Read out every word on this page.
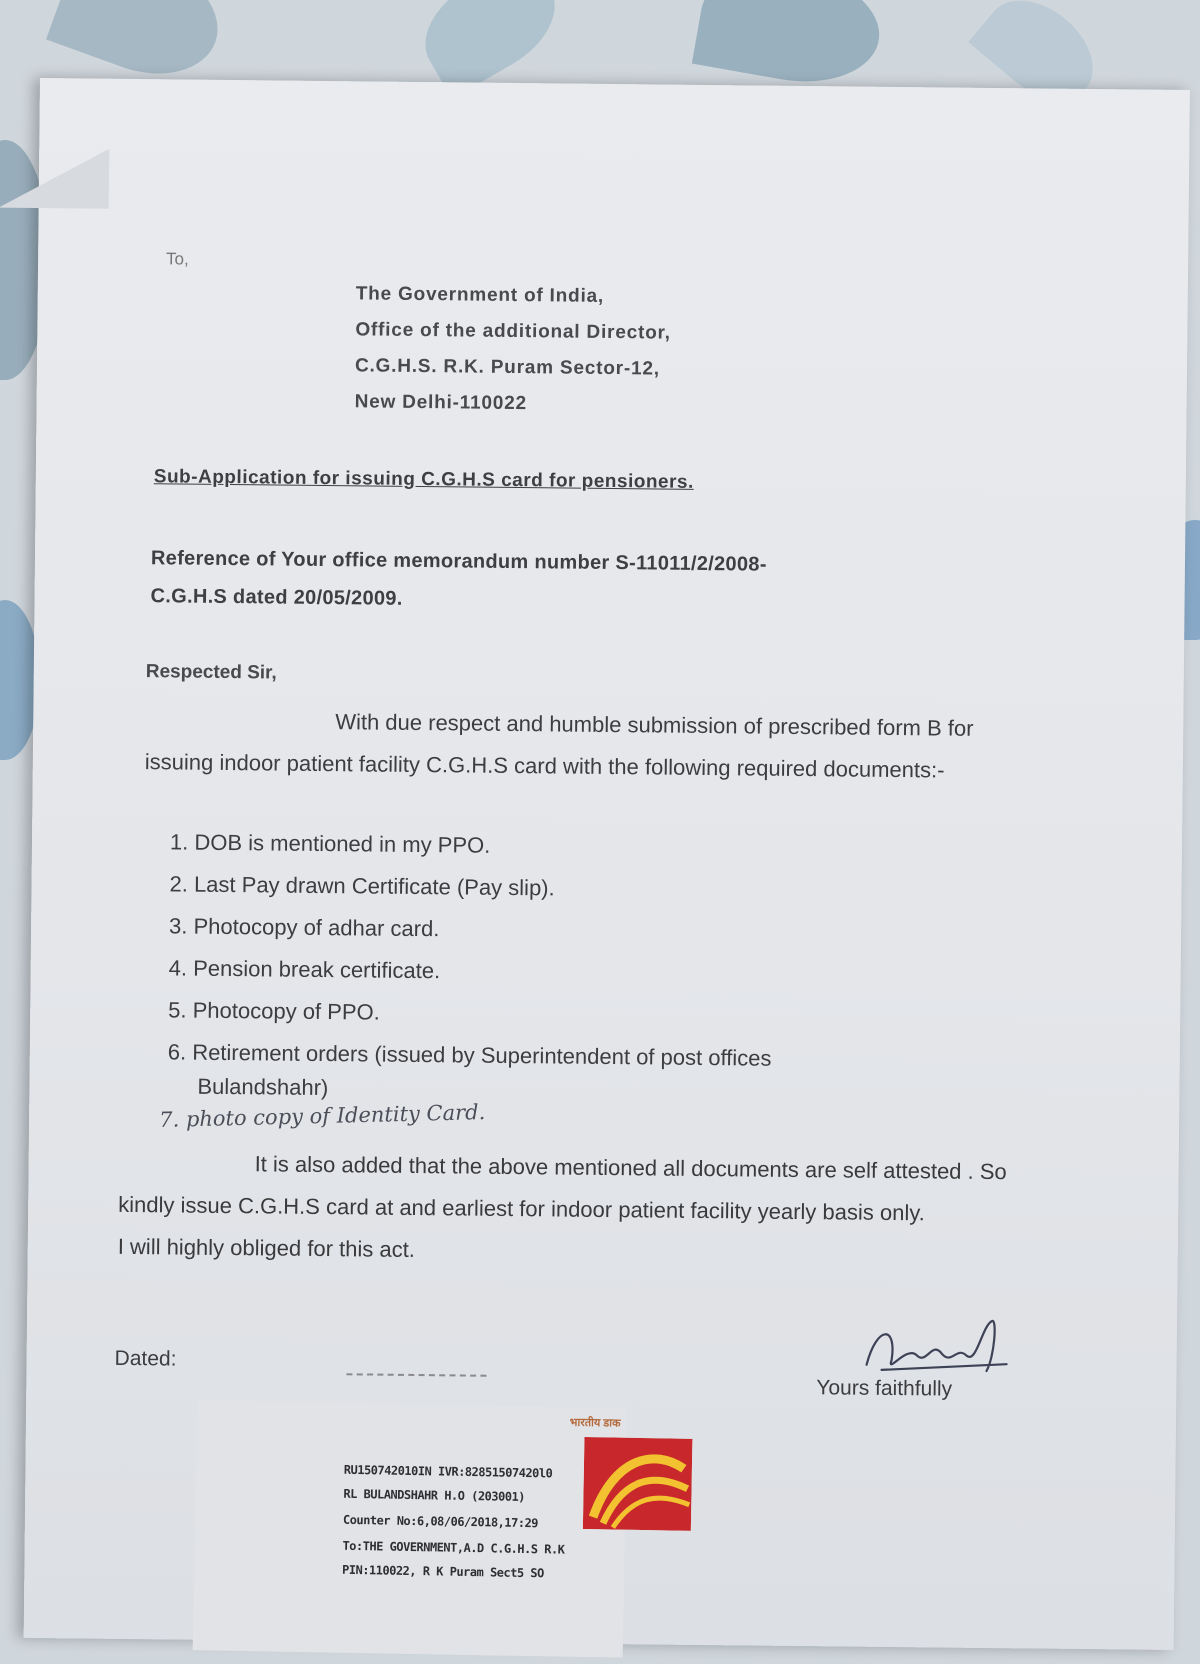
To,
The Government of India,
Office of the additional Director,
C.G.H.S. R.K. Puram Sector-12,
New Delhi-110022
Sub-Application for issuing C.G.H.S card for pensioners.
Reference of Your office memorandum number S-11011/2/2008-
C.G.H.S dated 20/05/2009.
Respected Sir,
With due respect and humble submission of prescribed form B for issuing indoor patient facility C.G.H.S card with the following required documents:-
1. DOB is mentioned in my PPO.
2. Last Pay drawn Certificate (Pay slip).
3. Photocopy of adhar card.
4. Pension break certificate.
5. Photocopy of PPO.
6. Retirement orders (issued by Superintendent of post offices
Bulandshahr)
7. photo copy of Identity Card.
It is also added that the above mentioned all documents are self attested . So kindly issue C.G.H.S card at and earliest for indoor patient facility yearly basis only.
I will highly obliged for this act.
Dated:
Yours faithfully
भारतीय डाक
RU150742010IN IVR:82851507420l0
RL BULANDSHAHR H.O (203001)
Counter No:6,08/06/2018,17:29
To:THE GOVERNMENT,A.D C.G.H.S R.K
PIN:110022, R K Puram Sect5 SO
